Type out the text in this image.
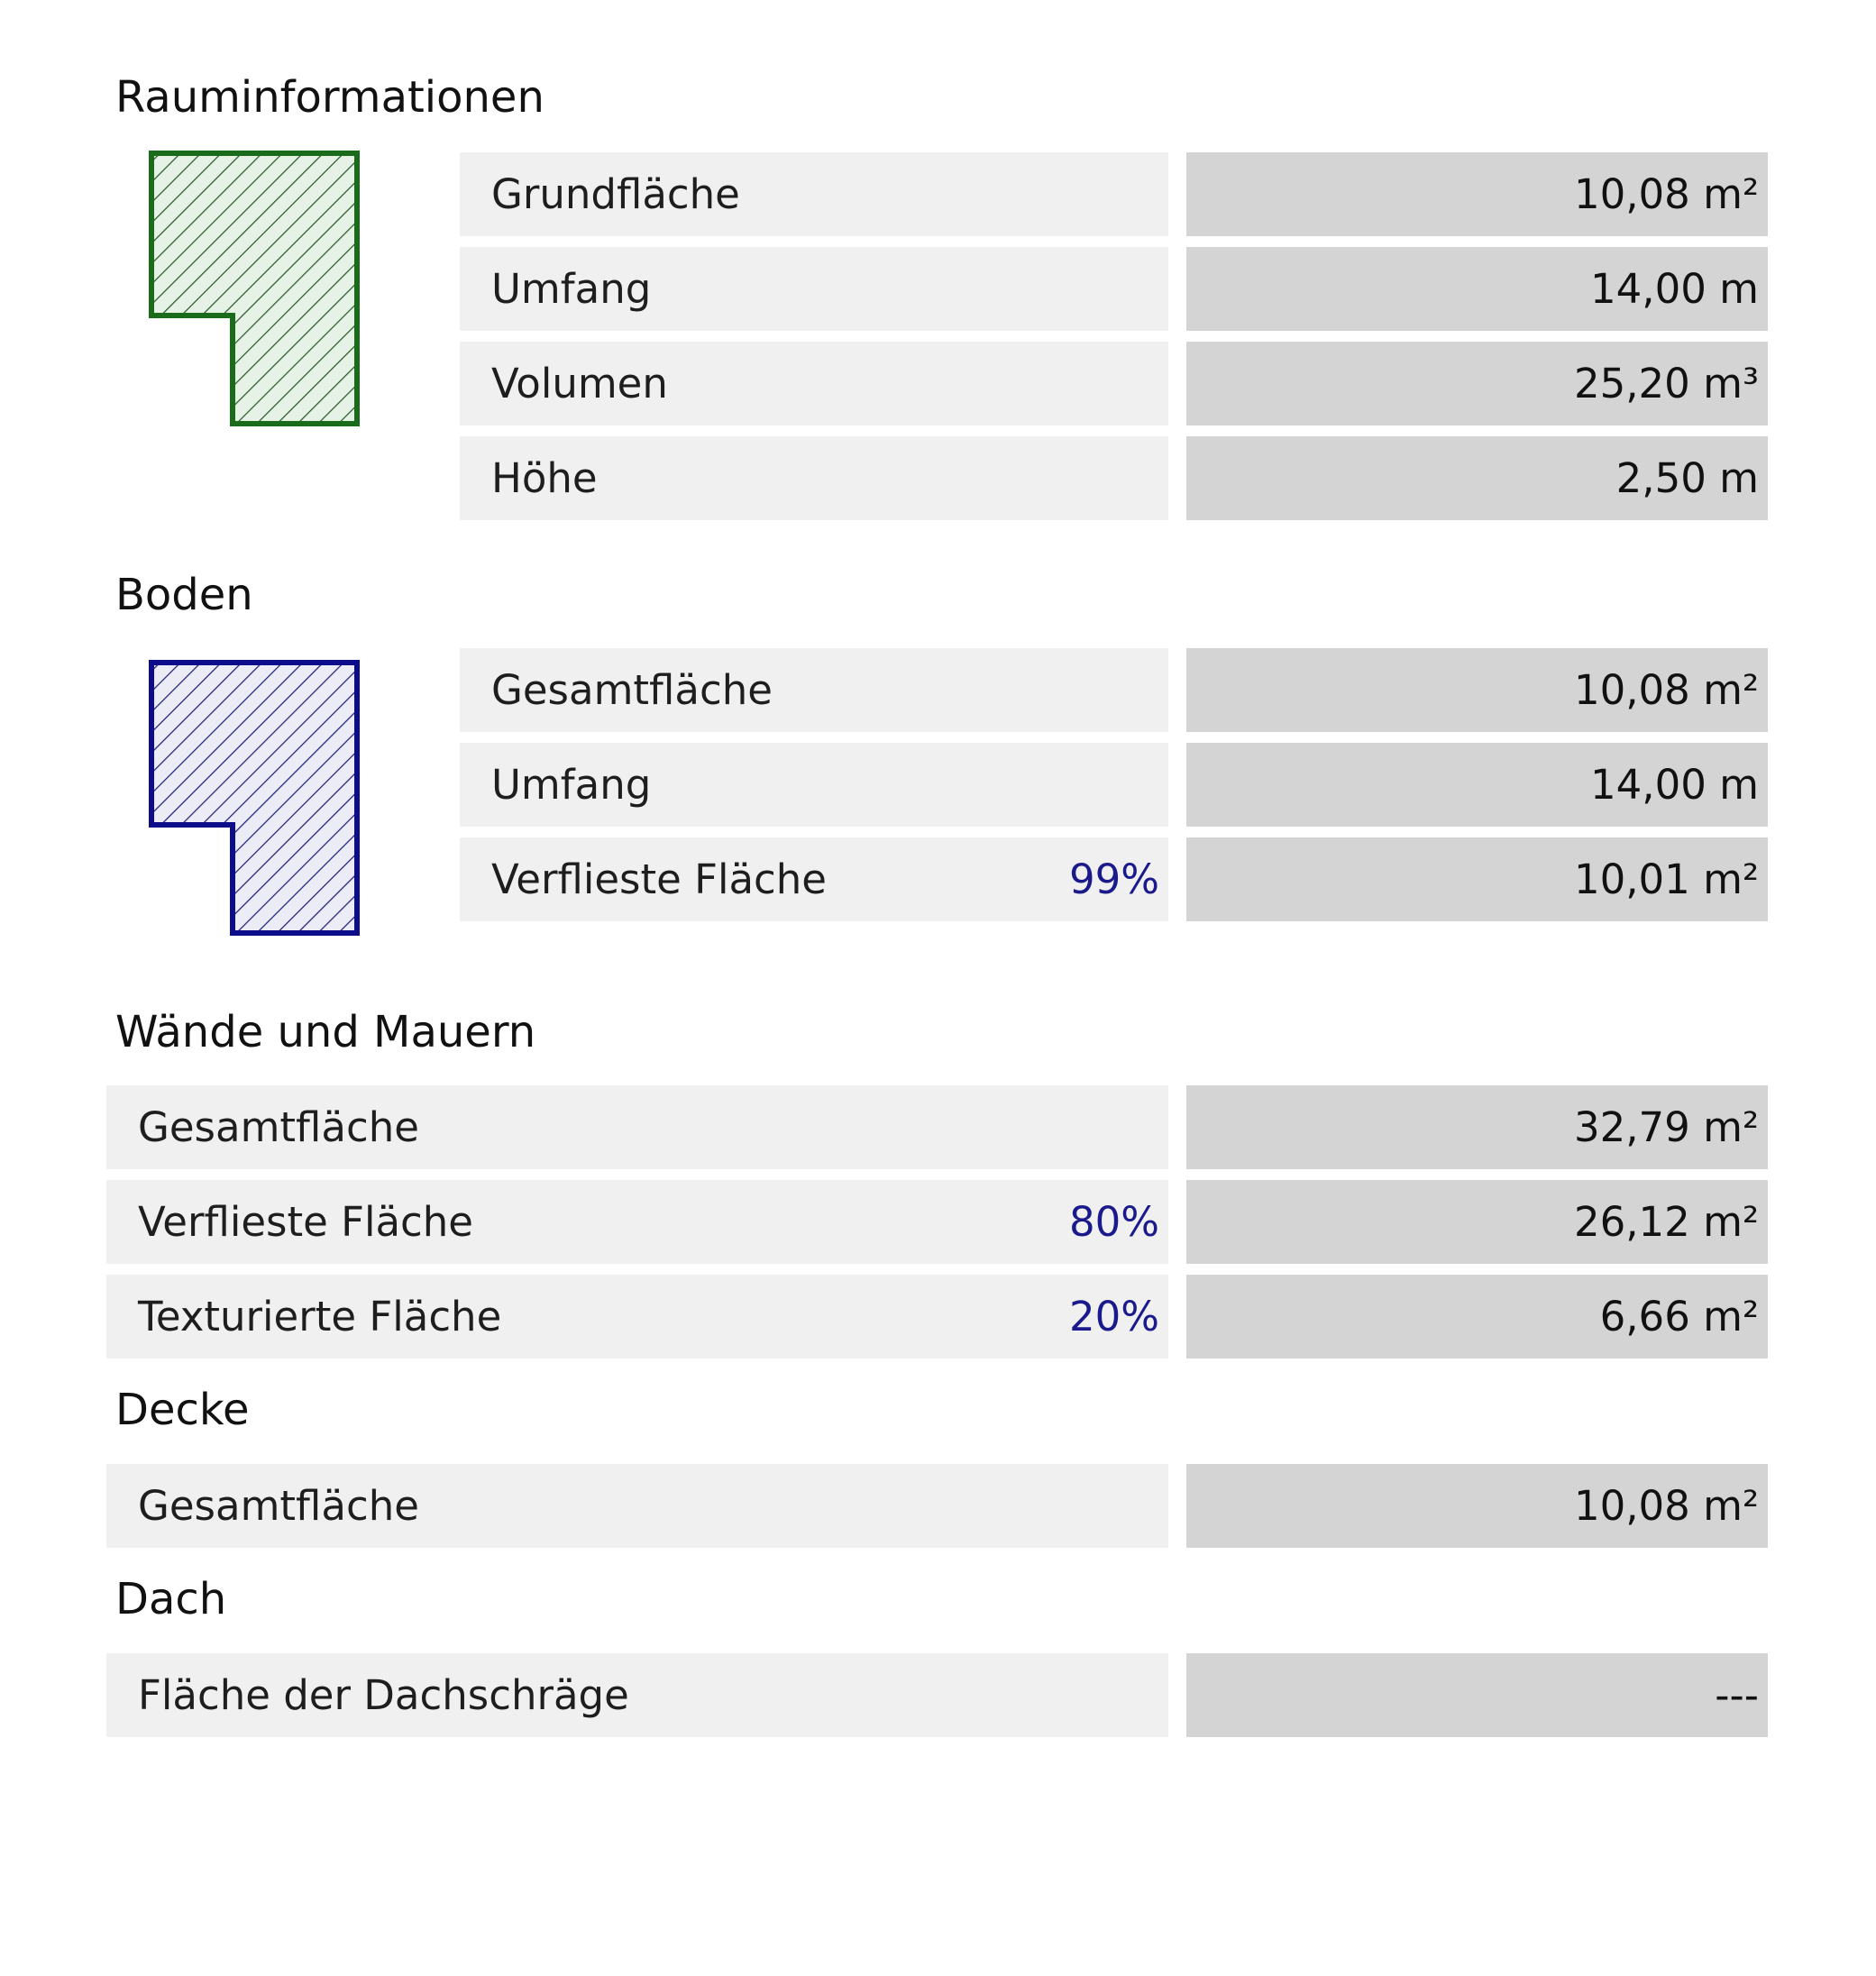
Rauminformationen
Grundfläche	10,08 m²
Umfang	14,00 m
Volumen	25,20 m³
Höhe	2,50 m
Boden
Gesamtfläche	10,08 m²
Umfang	14,00 m
Verflieste Fläche	99%	10,01 m²
Wände und Mauern
Gesamtfläche	32,79 m²
Verflieste Fläche	80%	26,12 m²
Texturierte Fläche	20%	6,66 m²
Decke
Gesamtfläche	10,08 m²
Dach
Fläche der Dachschräge	---
